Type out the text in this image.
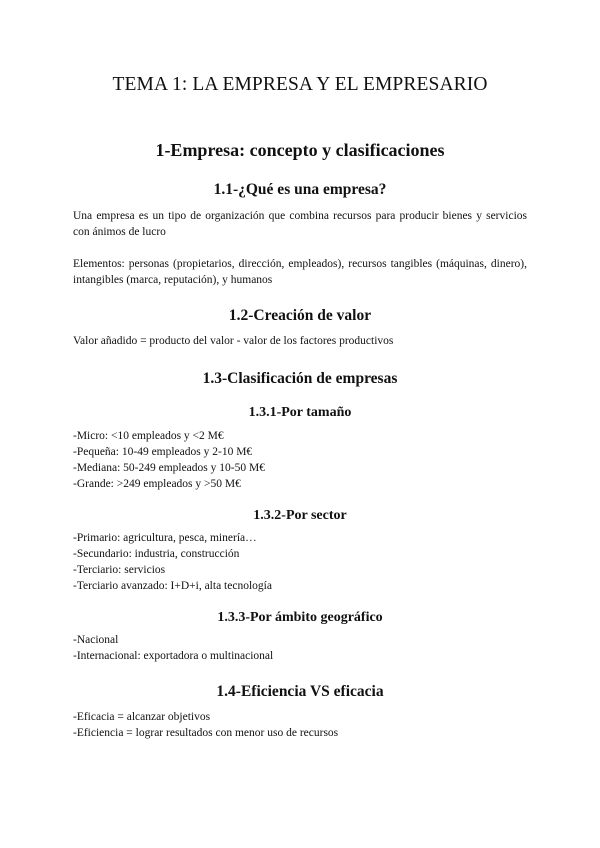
TEMA 1: LA EMPRESA Y EL EMPRESARIO
1-Empresa: concepto y clasificaciones
1.1-¿Qué es una empresa?

Una empresa es un tipo de organización que combina recursos para producir bienes y servicios con ánimos de lucro

Elementos: personas (propietarios, dirección, empleados), recursos tangibles (máquinas, dinero), intangibles (marca, reputación), y humanos

1.2-Creación de valor

Valor añadido = producto del valor - valor de los factores productivos

1.3-Clasificación de empresas
1.3.1-Por tamaño
-Micro: <10 empleados y <2 M€
-Pequeña: 10-49 empleados y 2-10 M€
-Mediana: 50-249 empleados y 10-50 M€
-Grande: >249 empleados y >50 M€
1.3.2-Por sector
-Primario: agricultura, pesca, minería…
-Secundario: industria, construcción
-Terciario: servicios
-Terciario avanzado: I+D+i, alta tecnología
1.3.3-Por ámbito geográfico
-Nacional
-Internacional: exportadora o multinacional
1.4-Eficiencia VS eficacia
-Eficacia = alcanzar objetivos
-Eficiencia = lograr resultados con menor uso de recursos
